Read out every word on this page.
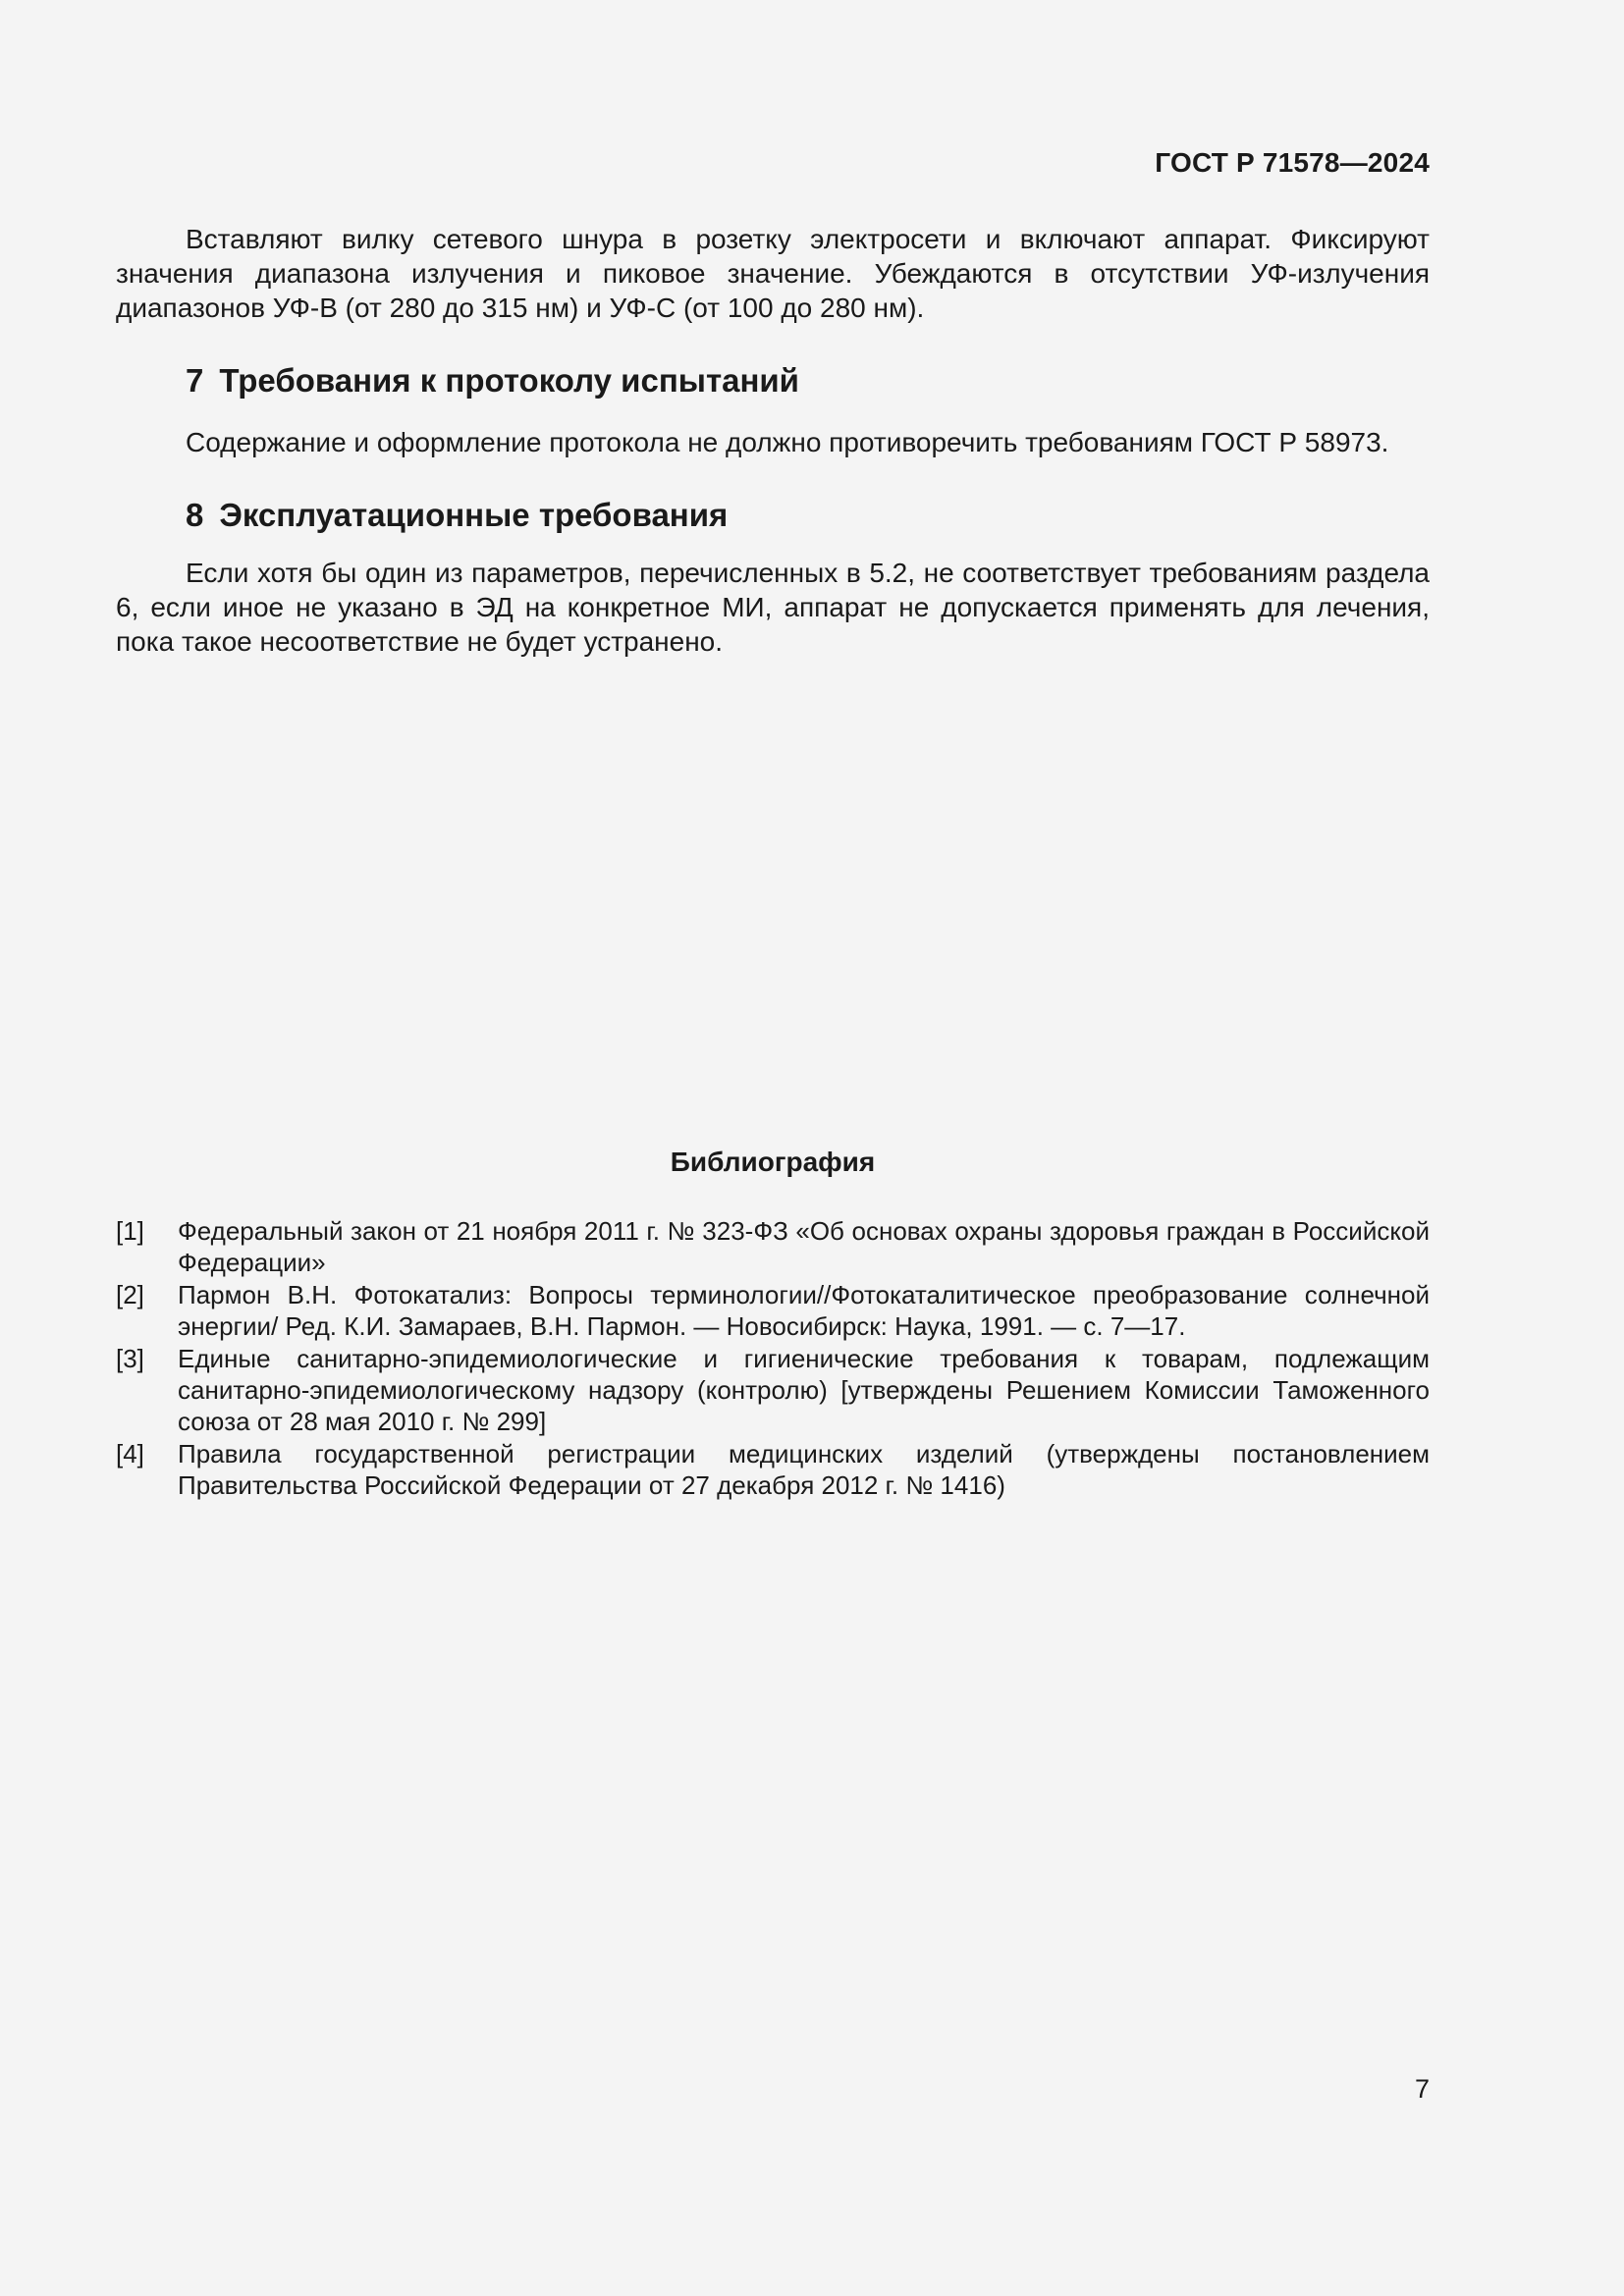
ГОСТ Р 71578—2024

Вставляют вилку сетевого шнура в розетку электросети и включают аппарат. Фиксируют значения диапазона излучения и пиковое значение. Убеждаются в отсутствии УФ-излучения диапазонов УФ-В (от 280 до 315 нм) и УФ-С (от 100 до 280 нм).

7 Требования к протоколу испытаний

Содержание и оформление протокола не должно противоречить требованиям ГОСТ Р 58973.

8 Эксплуатационные требования

Если хотя бы один из параметров, перечисленных в 5.2, не соответствует требованиям раздела 6, если иное не указано в ЭД на конкретное МИ, аппарат не допускается применять для лечения, пока такое несоответствие не будет устранено.

Библиография
[1]	Федеральный закон от 21 ноября 2011 г. № 323-ФЗ «Об основах охраны здоровья граждан в Российской Федерации»
[2]	Пармон В.Н. Фотокатализ: Вопросы терминологии//Фотокаталитическое преобразование солнечной энергии/ Ред. К.И. Замараев, В.Н. Пармон. — Новосибирск: Наука, 1991. — с. 7—17.
[3]	Единые санитарно-эпидемиологические и гигиенические требования к товарам, подлежащим санитарно-эпидемиологическому надзору (контролю) [утверждены Решением Комиссии Таможенного союза от 28 мая 2010 г. № 299]
[4]	Правила государственной регистрации медицинских изделий (утверждены постановлением Правительства Российской Федерации от 27 декабря 2012 г. № 1416)
7
